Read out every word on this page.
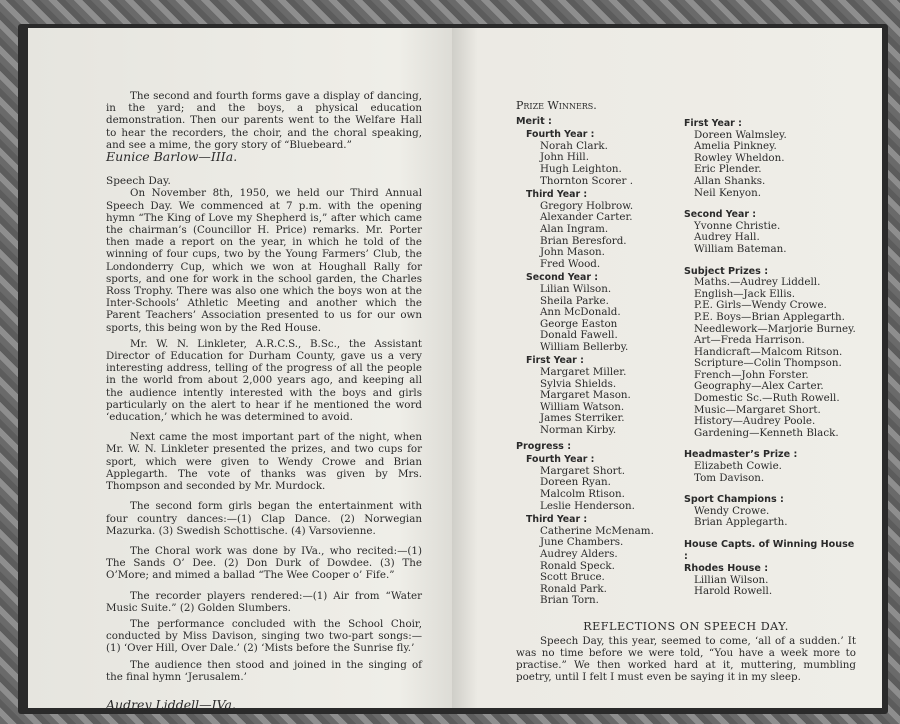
The second and fourth forms gave a display of dancing, in the yard; and the boys, a physical education demonstration. Then our parents went to the Welfare Hall to hear the recorders, the choir, and the choral speaking, and see a mime, the gory story of “Bluebeard.”

Eunice Barlow—IIIa.

Speech Day.

On November 8th, 1950, we held our Third Annual Speech Day. We commenced at 7 p.m. with the opening hymn “The King of Love my Shepherd is,” after which came the chairman’s (Councillor H. Price) remarks. Mr. Porter then made a report on the year, in which he told of the winning of four cups, two by the Young Farmers’ Club, the Londonderry Cup, which we won at Houghall Rally for sports, and one for work in the school garden, the Charles Ross Trophy. There was also one which the boys won at the Inter-Schools’ Athletic Meeting and another which the Parent Teachers’ Association presented to us for our own sports, this being won by the Red House.

Mr. W. N. Linkleter, A.R.C.S., B.Sc., the Assistant Director of Education for Durham County, gave us a very interesting address, telling of the progress of all the people in the world from about 2,000 years ago, and keeping all the audience intently interested with the boys and girls particularly on the alert to hear if he mentioned the word ‘education,’ which he was determined to avoid.

Next came the most important part of the night, when Mr. W. N. Linkleter presented the prizes, and two cups for sport, which were given to Wendy Crowe and Brian Applegarth. The vote of thanks was given by Mrs. Thompson and seconded by Mr. Murdock.

The second form girls began the entertainment with four country dances:—(1) Clap Dance. (2) Norwegian Mazurka. (3) Swedish Schottische. (4) Varsovienne.

The Choral work was done by IVa., who recited:—(1) The Sands O’ Dee. (2) Don Durk of Dowdee. (3) The O’More; and mimed a ballad “The Wee Cooper o’ Fife.”

The recorder players rendered:—(1) Air from “Water Music Suite.” (2) Golden Slumbers.

The performance concluded with the School Choir, conducted by Miss Davison, singing two two-part songs:—(1) ‘Over Hill, Over Dale.’ (2) ‘Mists before the Sunrise fly.’

The audience then stood and joined in the singing of the final hymn ‘Jerusalem.’

Audrey Liddell—IVa.

Prize Winners.
Merit :
Fourth Year :
Norah Clark.
John Hill.
Hugh Leighton.
Thornton Scorer .
Third Year :
Gregory Holbrow.
Alexander Carter.
Alan Ingram.
Brian Beresford.
John Mason.
Fred Wood.
Second Year :
Lilian Wilson.
Sheila Parke.
Ann McDonald.
George Easton
Donald Fawell.
William Bellerby.
First Year :
Margaret Miller.
Sylvia Shields.
Margaret Mason.
William Watson.
James Sterriker.
Norman Kirby.
Progress :
Fourth Year :
Margaret Short.
Doreen Ryan.
Malcolm Rtison.
Leslie Henderson.
Third Year :
Catherine McMenam.
June Chambers.
Audrey Alders.
Ronald Speck.
Scott Bruce.
Ronald Park.
Brian Torn.
First Year :
Doreen Walmsley.
Amelia Pinkney.
Rowley Wheldon.
Eric Plender.
Allan Shanks.
Neil Kenyon.
Second Year :
Yvonne Christie.
Audrey Hall.
William Bateman.
Subject Prizes :
Maths.—Audrey Liddell.
English—Jack Ellis.
P.E. Girls—Wendy Crowe.
P.E. Boys—Brian Applegarth.
Needlework—Marjorie Burney.
Art—Freda Harrison.
Handicraft—Malcom Ritson.
Scripture—Colin Thompson.
French—John Forster.
Geography—Alex Carter.
Domestic Sc.—Ruth Rowell.
Music—Margaret Short.
History—Audrey Poole.
Gardening—Kenneth Black.
Headmaster’s Prize :
Elizabeth Cowie.
Tom Davison.
Sport Champions :
Wendy Crowe.
Brian Applegarth.
House Capts. of Winning House :
Rhodes House :
Lillian Wilson.
Harold Rowell.
REFLECTIONS ON SPEECH DAY.

Speech Day, this year, seemed to come, ‘all of a sudden.’ It was no time before we were told, “You have a week more to practise.” We then worked hard at it, muttering, mumbling poetry, until I felt I must even be saying it in my sleep.
